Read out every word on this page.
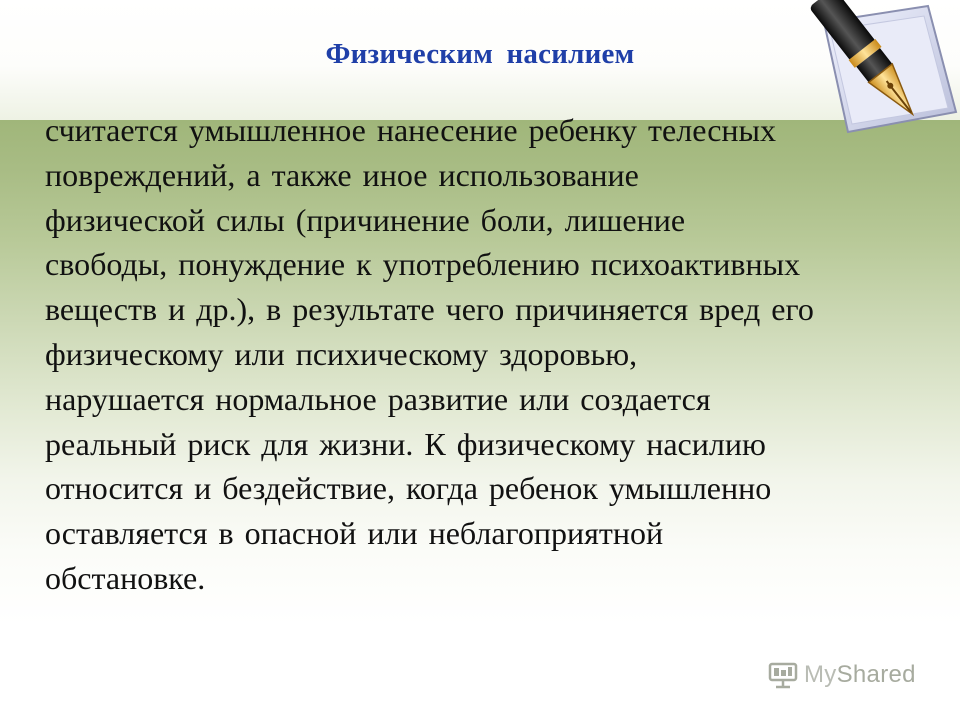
Физическим насилием
считается умышленное нанесение ребенку телесных
повреждений, а также иное использование
физической силы (причинение боли, лишение
свободы, понуждение к употреблению психоактивных
веществ и др.), в результате чего причиняется вред его
физическому или психическому здоровью,
нарушается нормальное развитие или создается
реальный риск для жизни. К физическому насилию
относится и бездействие, когда ребенок умышленно
оставляется в опасной или неблагоприятной
обстановке.
MyShared
